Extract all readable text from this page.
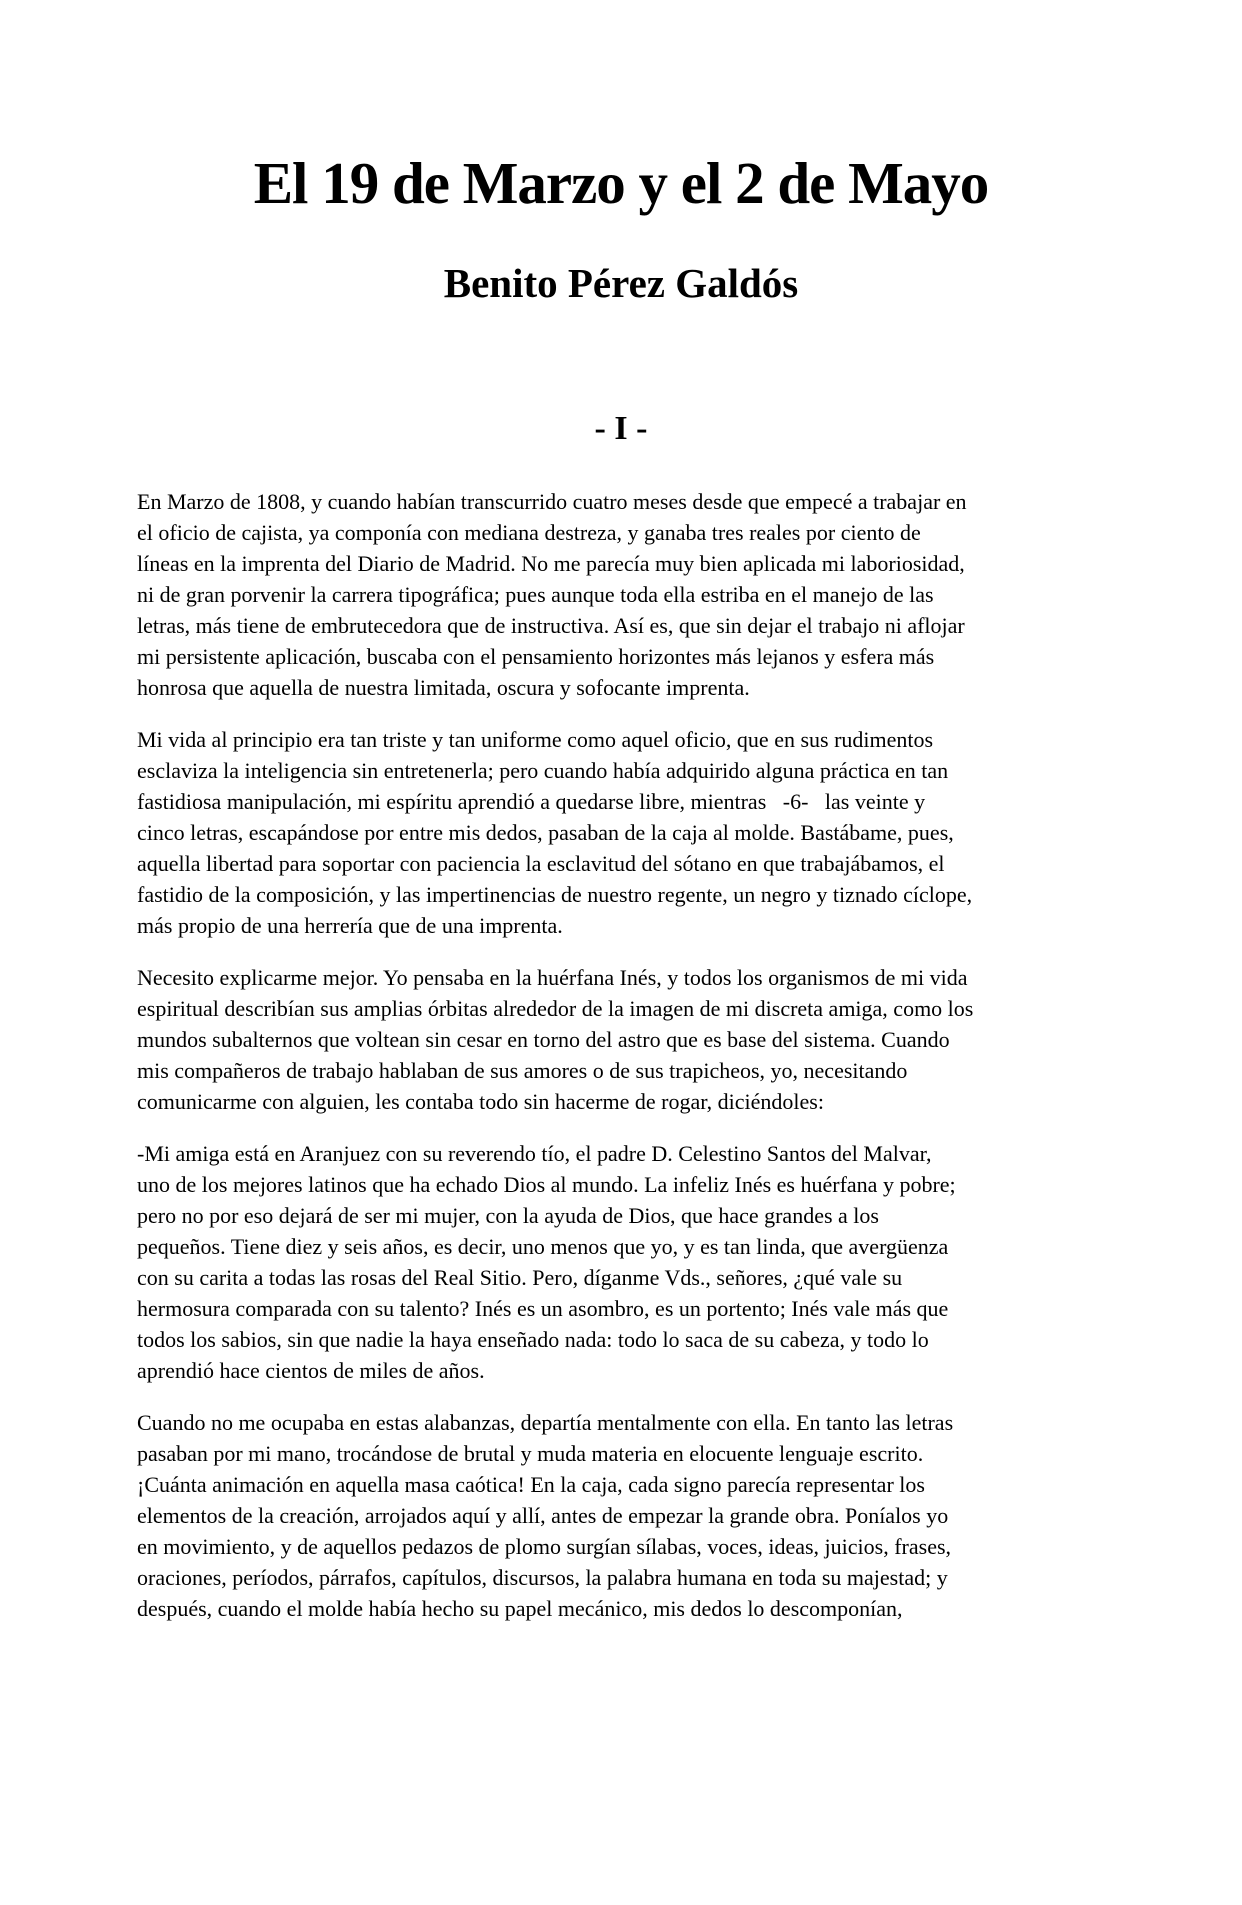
El 19 de Marzo y el 2 de Mayo
Benito Pérez Galdós
- I -
En Marzo de 1808, y cuando habían transcurrido cuatro meses desde que empecé a trabajar en
el oficio de cajista, ya componía con mediana destreza, y ganaba tres reales por ciento de
líneas en la imprenta del Diario de Madrid. No me parecía muy bien aplicada mi laboriosidad,
ni de gran porvenir la carrera tipográfica; pues aunque toda ella estriba en el manejo de las
letras, más tiene de embrutecedora que de instructiva. Así es, que sin dejar el trabajo ni aflojar
mi persistente aplicación, buscaba con el pensamiento horizontes más lejanos y esfera más
honrosa que aquella de nuestra limitada, oscura y sofocante imprenta.
Mi vida al principio era tan triste y tan uniforme como aquel oficio, que en sus rudimentos
esclaviza la inteligencia sin entretenerla; pero cuando había adquirido alguna práctica en tan
fastidiosa manipulación, mi espíritu aprendió a quedarse libre, mientras   -6-   las veinte y
cinco letras, escapándose por entre mis dedos, pasaban de la caja al molde. Bastábame, pues,
aquella libertad para soportar con paciencia la esclavitud del sótano en que trabajábamos, el
fastidio de la composición, y las impertinencias de nuestro regente, un negro y tiznado cíclope,
más propio de una herrería que de una imprenta.
Necesito explicarme mejor. Yo pensaba en la huérfana Inés, y todos los organismos de mi vida
espiritual describían sus amplias órbitas alrededor de la imagen de mi discreta amiga, como los
mundos subalternos que voltean sin cesar en torno del astro que es base del sistema. Cuando
mis compañeros de trabajo hablaban de sus amores o de sus trapicheos, yo, necesitando
comunicarme con alguien, les contaba todo sin hacerme de rogar, diciéndoles:
-Mi amiga está en Aranjuez con su reverendo tío, el padre D. Celestino Santos del Malvar,
uno de los mejores latinos que ha echado Dios al mundo. La infeliz Inés es huérfana y pobre;
pero no por eso dejará de ser mi mujer, con la ayuda de Dios, que hace grandes a los
pequeños. Tiene diez y seis años, es decir, uno menos que yo, y es tan linda, que avergüenza
con su carita a todas las rosas del Real Sitio. Pero, díganme Vds., señores, ¿qué vale su
hermosura comparada con su talento? Inés es un asombro, es un portento; Inés vale más que
todos los sabios, sin que nadie la haya enseñado nada: todo lo saca de su cabeza, y todo lo
aprendió hace cientos de miles de años.
Cuando no me ocupaba en estas alabanzas, departía mentalmente con ella. En tanto las letras
pasaban por mi mano, trocándose de brutal y muda materia en elocuente lenguaje escrito.
¡Cuánta animación en aquella masa caótica! En la caja, cada signo parecía representar los
elementos de la creación, arrojados aquí y allí, antes de empezar la grande obra. Poníalos yo
en movimiento, y de aquellos pedazos de plomo surgían sílabas, voces, ideas, juicios, frases,
oraciones, períodos, párrafos, capítulos, discursos, la palabra humana en toda su majestad; y
después, cuando el molde había hecho su papel mecánico, mis dedos lo descomponían,
